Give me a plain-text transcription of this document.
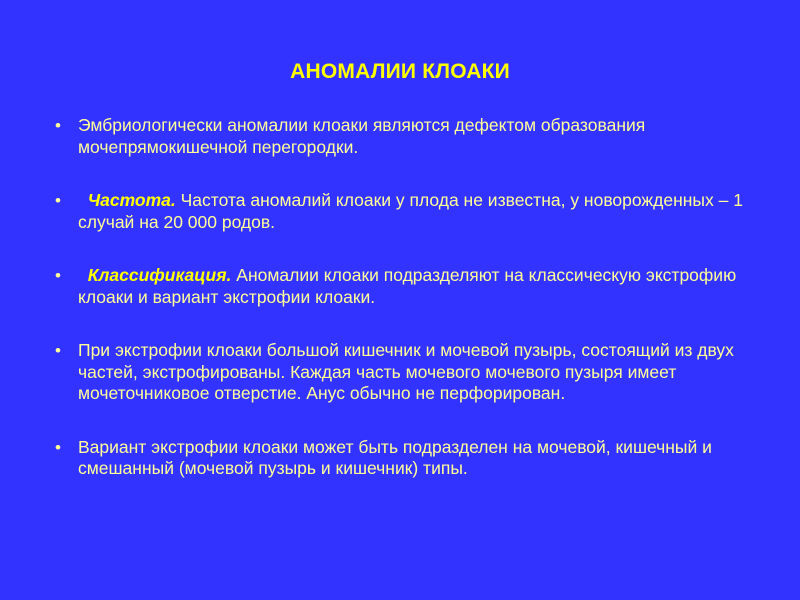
АНОМАЛИИ КЛОАКИ
• Эмбриологически аномалии клоаки являются дефектом образования мочепрямокишечной перегородки.
• Частота. Частота аномалий клоаки у плода не известна, у новорожденных – 1 случай на 20 000 родов.
• Классификация. Аномалии клоаки подразделяют на классическую экстрофию клоаки и вариант экстрофии клоаки.
• При экстрофии клоаки большой кишечник и мочевой пузырь, состоящий из двух частей, экстрофированы. Каждая часть мочевого мочевого пузыря имеет мочеточниковое отверстие. Анус обычно не перфорирован.
• Вариант экстрофии клоаки может быть подразделен на мочевой, кишечный и смешанный (мочевой пузырь и кишечник) типы.
